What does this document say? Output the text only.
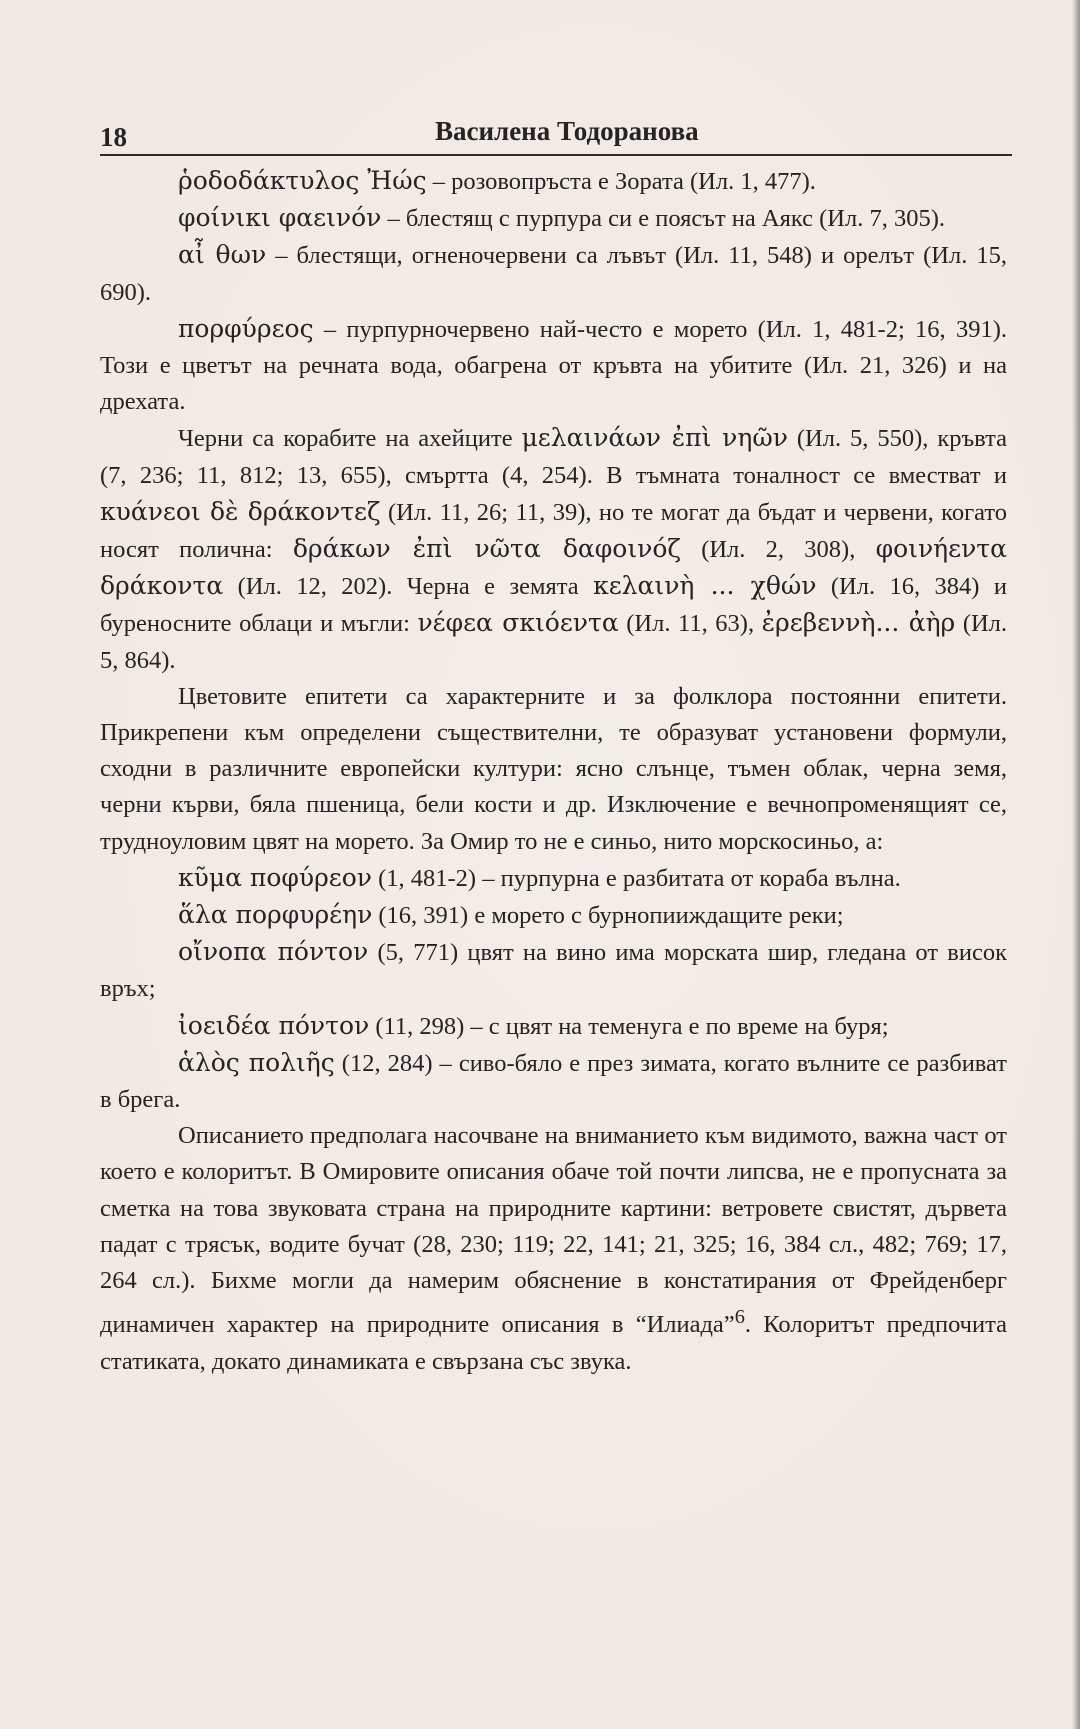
18	Василена Тодоранова

ῥοδοδάκτυλος Ἠώς – розовопръста е Зората (Ил. 1, 477).

φοίνικι φαεινόν – блестящ с пурпура си е поясът на Аякс (Ил. 7, 305).

αἶ θων – блестящи, огненочервени са лъвът (Ил. 11, 548) и орелът (Ил. 15, 690).

πορφύρεος – пурпурночервено най-често е морето (Ил. 1, 481-2; 16, 391). Този е цветът на речната вода, обагрена от кръвта на убитите (Ил. 21, 326) и на дрехата.

Черни са корабите на ахейците μελαινάων ἐπὶ νηῶν (Ил. 5, 550), кръвта (7, 236; 11, 812; 13, 655), смъртта (4, 254). В тъмната тоналност се вместват и κυάνεοι δὲ δράκοντεζ (Ил. 11, 26; 11, 39), но те могат да бъдат и червени, когато носят полична: δράκων ἐπὶ νῶτα δαφοινόζ (Ил. 2, 308), φοινήεντα δράκοντα (Ил. 12, 202). Черна е земята κελαινὴ ... χθών (Ил. 16, 384) и буреносните облаци и мъгли: νέφεα σκιόεντα (Ил. 11, 63), ἐρεβεννὴ... ἀὴρ (Ил. 5, 864).

Цветовите епитети са характерните и за фолклора постоянни епитети. Прикрепени към определени съществителни, те образуват установени формули, сходни в различните европейски култури: ясно слънце, тъмен облак, черна земя, черни кърви, бяла пшеница, бели кости и др. Изключение е вечнопроменящият се, трудноуловим цвят на морето. За Омир то не е синьо, нито морскосиньо, а:

κῦμα ποφύρεον (1, 481-2) – пурпурна е разбитата от кораба вълна.

ἅλα πορφυρέην (16, 391) е морето с бурнопииждащите реки;

οἴνοπα πόντον (5, 771) цвят на вино има морската шир, гледана от висок връх;

ἰοειδέα πόντον (11, 298) – с цвят на теменуга е по време на буря;

ἁλὸς πολιῆς (12, 284) – сиво-бяло е през зимата, когато вълните се разбиват в брега.

Описанието предполага насочване на вниманието към видимото, важна част от което е колоритът. В Омировите описания обаче той почти липсва, не е пропусната за сметка на това звуковата страна на природните картини: ветровете свистят, дървета падат с трясък, водите бучат (28, 230; 119; 22, 141; 21, 325; 16, 384 сл., 482; 769; 17, 264 сл.). Бихме могли да намерим обяснение в констатирания от Фрейденберг динамичен характер на природните описания в “Илиада”$^6$. Колоритът предпочита статиката, докато динамиката е свързана със звука.
